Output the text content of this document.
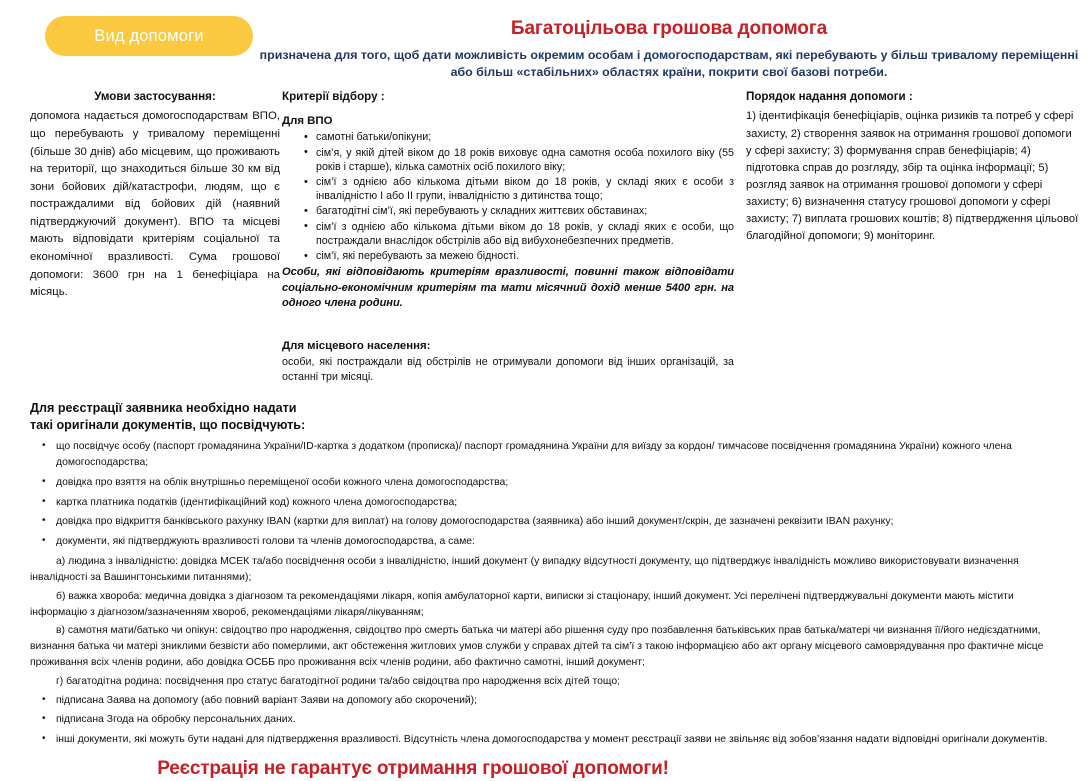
Вид допомоги	Багатоцільова грошова допомога

призначена для того, щоб дати можливість окремим особам і домогосподарствам, які перебувають у більш тривалому переміщенні або більш «стабільних» областях країни, покрити свої базові потреби.

Умови застосування:

допомога надається домогосподарствам ВПО, що перебувають у тривалому переміщенні (більше 30 днів) або місцевим, що проживають на території, що знаходиться більше 30 км від зони бойових дій/катастрофи, людям, що є постраждалими від бойових дій (наявний підтверджуючий документ). ВПО та місцеві мають відповідати критеріям соціальної та економічної вразливості. Сума грошової допомоги: 3600 грн на 1 бенефіціара на місяць.

Критерії відбору :
Для ВПО
• самотні батьки/опікуни;
• сім’я, у якій дітей віком до 18 років виховує одна самотня особа похилого віку (55 років і старше), кілька самотніх осіб похилого віку;
• сім’ї з однією або кількома дітьми віком до 18 років, у складі яких є особи з інвалідністю I або II групи, інвалідністю з дитинства тощо;
• багатодітні сім’ї, які перебувають у складних життєвих обставинах;
• сім’ї з однією або кількома дітьми віком до 18 років, у складі яких є особи, що постраждали внаслідок обстрілів або від вибухонебезпечних предметів.
• сім’ї, які перебувають за межею бідності.

Особи, які відповідають критеріям вразливості, повинні також відповідати соціально-економічним критеріям та мати місячний дохід менше 5400 грн. на одного члена родини.

Для місцевого населення:

особи, які постраждали від обстрілів не отримували допомоги від інших організацій, за останні три місяці.

Порядок надання допомоги :

1) ідентифікація бенефіціарів, оцінка ризиків та потреб у сфері захисту, 2) створення заявок на отримання грошової допомоги у сфері захисту; 3) формування справ бенефіціарів; 4) підготовка справ до розгляду, збір та оцінка інформації; 5) розгляд заявок на отримання грошової допомоги у сфері захисту; 6) визначення статусу грошової допомоги у сфері захисту; 7) виплата грошових коштів; 8) підтвердження цільової благодійної допомоги; 9) моніторинг.

Для реєстрації заявника необхідно надати
такі оригінали документів, що посвідчують:
• що посвідчує особу (паспорт громадянина України/ID-картка з додатком (прописка)/ паспорт громадянина України для виїзду за кордон/ тимчасове посвідчення громадянина України) кожного члена домогосподарства;
• довідка про взяття на облік внутрішньо переміщеної особи кожного члена домогосподарства;
• картка платника податків (ідентифікаційний код) кожного члена домогосподарства;
• довідка про відкриття банківського рахунку IBAN (картки для виплат) на голову домогосподарства (заявника) або інший документ/скрін, де зазначені реквізити IBAN рахунку;
• документи, які підтверджують вразливості голови та членів домогосподарства, а саме:

а) людина з інвалідністю: довідка МСЕК та/або посвідчення особи з інвалідністю, інший документ (у випадку відсутності документу, що підтверджує інвалідність можливо використовувати визначення інвалідності за Вашингтонськими питаннями);

б) важка хвороба: медична довідка з діагнозом та рекомендаціями лікаря, копія амбулаторної карти, виписки зі стаціонару, інший документ. Усі перелічені підтверджувальні документи мають містити інформацію з діагнозом/зазначенням хвороб, рекомендаціями лікаря/лікуванням;

в) самотня мати/батько чи опікун: свідоцтво про народження, свідоцтво про смерть батька чи матері або рішення суду про позбавлення батьківських прав батька/матері чи визнання її/його недієздатними, визнання батька чи матері зниклими безвісти або померлими, акт обстеження житлових умов служби у справах дітей та сім’ї з такою інформацією або акт органу місцевого самоврядування про фактичне місце проживання всіх членів родини, або довідка ОСББ про проживання всіх членів родини, або фактично самотні, інший документ;

г) багатодітна родина: посвідчення про статус багатодітної родини та/або свідоцтва про народження всіх дітей тощо;

• підписана Заява на допомогу (або повний варіант Заяви на допомогу або скорочений);
• підписана Згода на обробку персональних даних.
• інші документи, які можуть бути надані для підтвердження вразливості. Відсутність члена домогосподарства у момент реєстрації заяви не звільняє від зобов’язання надати відповідні оригінали документів.
Реєстрація не гарантує отримання грошової допомоги!
